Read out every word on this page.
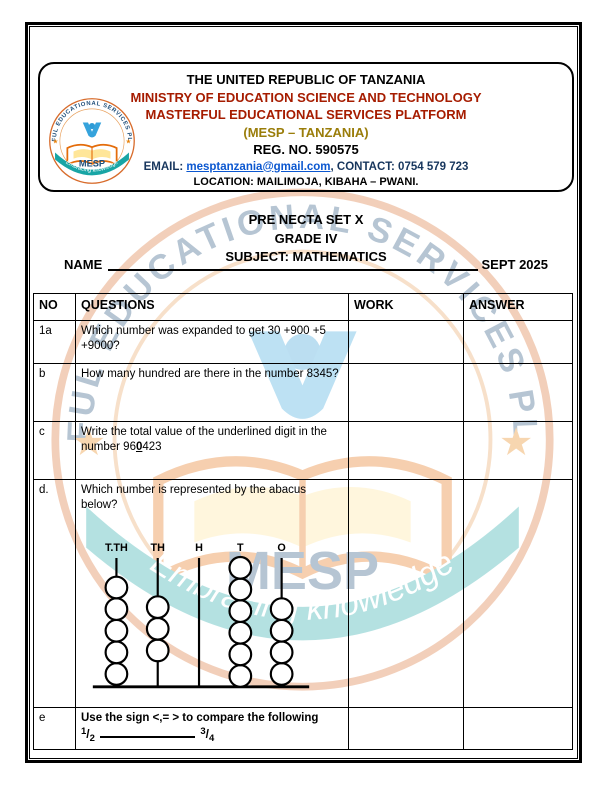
THE UNITED REPUBLIC OF TANZANIA
MINISTRY OF EDUCATION SCIENCE AND TECHNOLOGY
MASTERFUL EDUCATIONAL SERVICES PLATFORM
(MESP – TANZANIA)
REG. NO. 590575
EMAIL: mesptanzania@gmail.com, CONTACT: 0754 579 723
LOCATION: MAILIMOJA, KIBAHA – PWANI.
PRE NECTA SET X
GRADE IV
SUBJECT: MATHEMATICS
NAME	SEPT 2025
NO	QUESTIONS	WORK	ANSWER
1a	Which number was expanded to get 30 +900 +5 +9000?		
b	How many hundred are there in the number 8345?		
c	Write the total value of the underlined digit in the number 960423		
d.	Which number is represented by the abacus below?
T.TH TH	H	T	O

e	Use the sign <,= > to compare the following
$^1/_2$  $^3/_4$
